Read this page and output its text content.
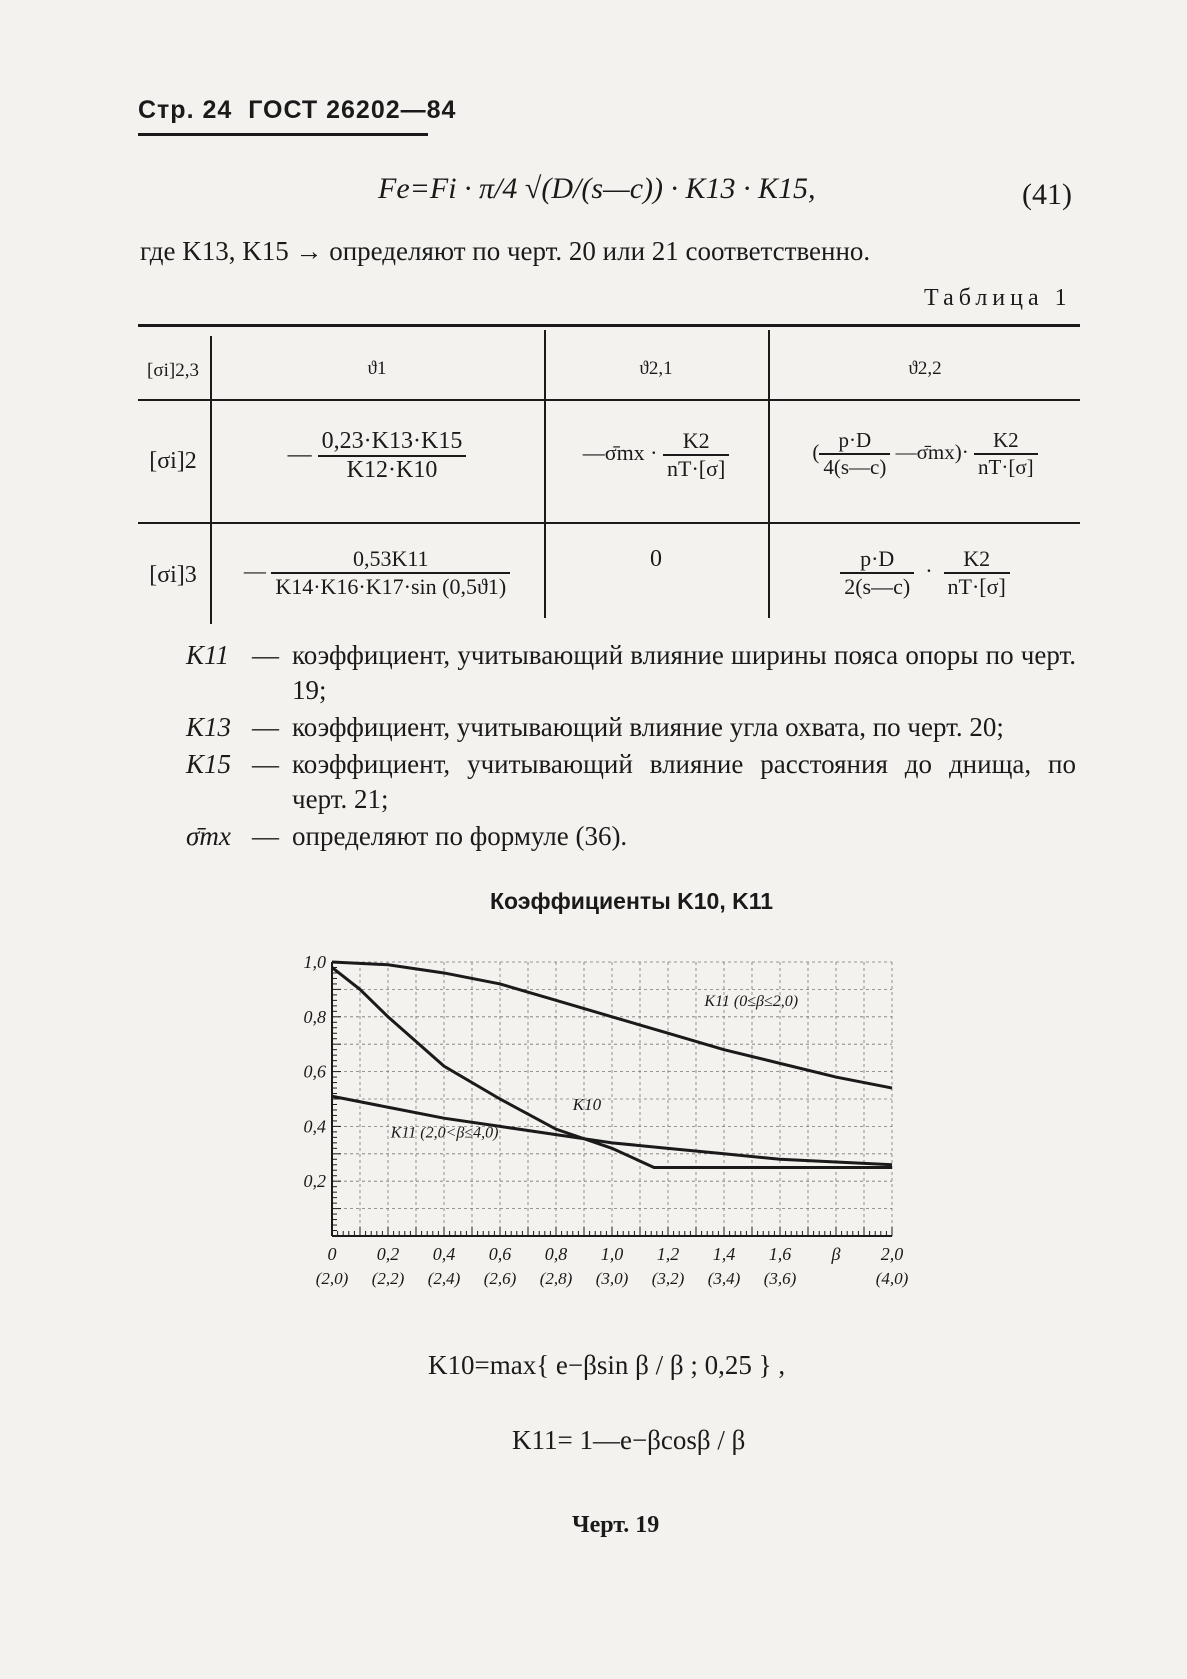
Стр. 24 ГОСТ 26202—84
Fe=Fi · π/4 √(D/(s—c)) · K13 · K15,	(41)
где K13, K15 → определяют по черт. 20 или 21 соответственно.
Таблица 1
[σi]2,3	ϑ1	ϑ2,1	ϑ2,2
[σi]2	— $\frac{0,23\cdot K13\cdot K15}{K12\cdot K10}$	—σ̄mx · $\frac{K2}{nT\cdot[\sigma]}$	( $\frac{p\cdot D}{4(s—c)}$ —σ̄mx)· $\frac{K2}{nT\cdot[\sigma]}$
[σi]3	— $\frac{0,53K11}{K14\cdot K16\cdot K17\cdot\sin (0,5ϑ1)}$	0	$\frac{p\cdot D}{2(s—c)} \cdot \frac{K2}{nT\cdot[\sigma]}$
K11 — коэффициент, учитывающий влияние ширины пояса опоры по черт. 19;
K13 — коэффициент, учитывающий влияние угла охвата, по черт. 20;
K15 — коэффициент, учитывающий влияние расстояния до днища, по черт. 21;
σ̄mx — определяют по формуле (36).
Коэффициенты K10, K11
0,2
0,4
0,6
0,8
1,0
0 0,2 0,4 0,6 0,8 1,0 1,2 1,4 1,6 β 2,0
(2,0) (2,2) (2,4) (2,6) (2,8) (3,0) (3,2) (3,4) (3,6)	(4,0)
K11 (0≤β≤2,0)
K10
K11 (2,0<β≤4,0)
K10=max{ e−βsin β / β ; 0,25 } ,
K11= 1—e−βcosβ / β
Черт. 19
